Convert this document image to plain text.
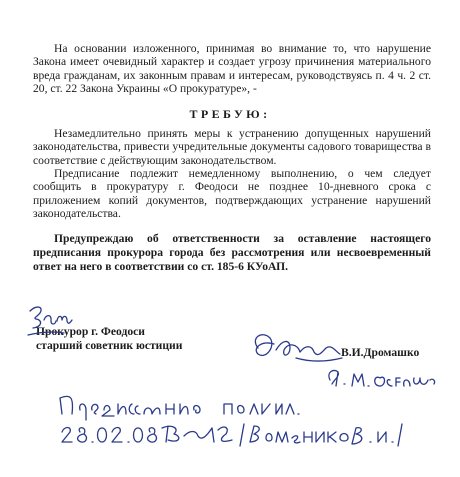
На основании изложенного, принимая во внимание то, что нарушение Закона имеет очевидный характер и создает угрозу причинения материального вреда гражданам, их законным правам и интересам, руководствуясь п. 4 ч. 2 ст. 20, ст. 22 Закона Украины «О прокуратуре», -

ТРЕБУЮ:

Незамедлительно принять меры к устранению допущенных нарушений законодательства, привести учредительные документы садового товарищества в соответствие с действующим законодательством.

Предписание подлежит немедленному выполнению, о чем следует сообщить в прокуратуру г. Феодоси не позднее 10-дневного срока с приложением копий документов, подтверждающих устранение нарушений законодательства.

Предупреждаю об ответственности за оставление настоящего предписания прокурора города без рассмотрения или несвоевременный ответ на него в соответствии со ст. 185-6 КУоАП.

Прокурор г. Феодоси
старший советник юстиции
В.И.Дромашко
